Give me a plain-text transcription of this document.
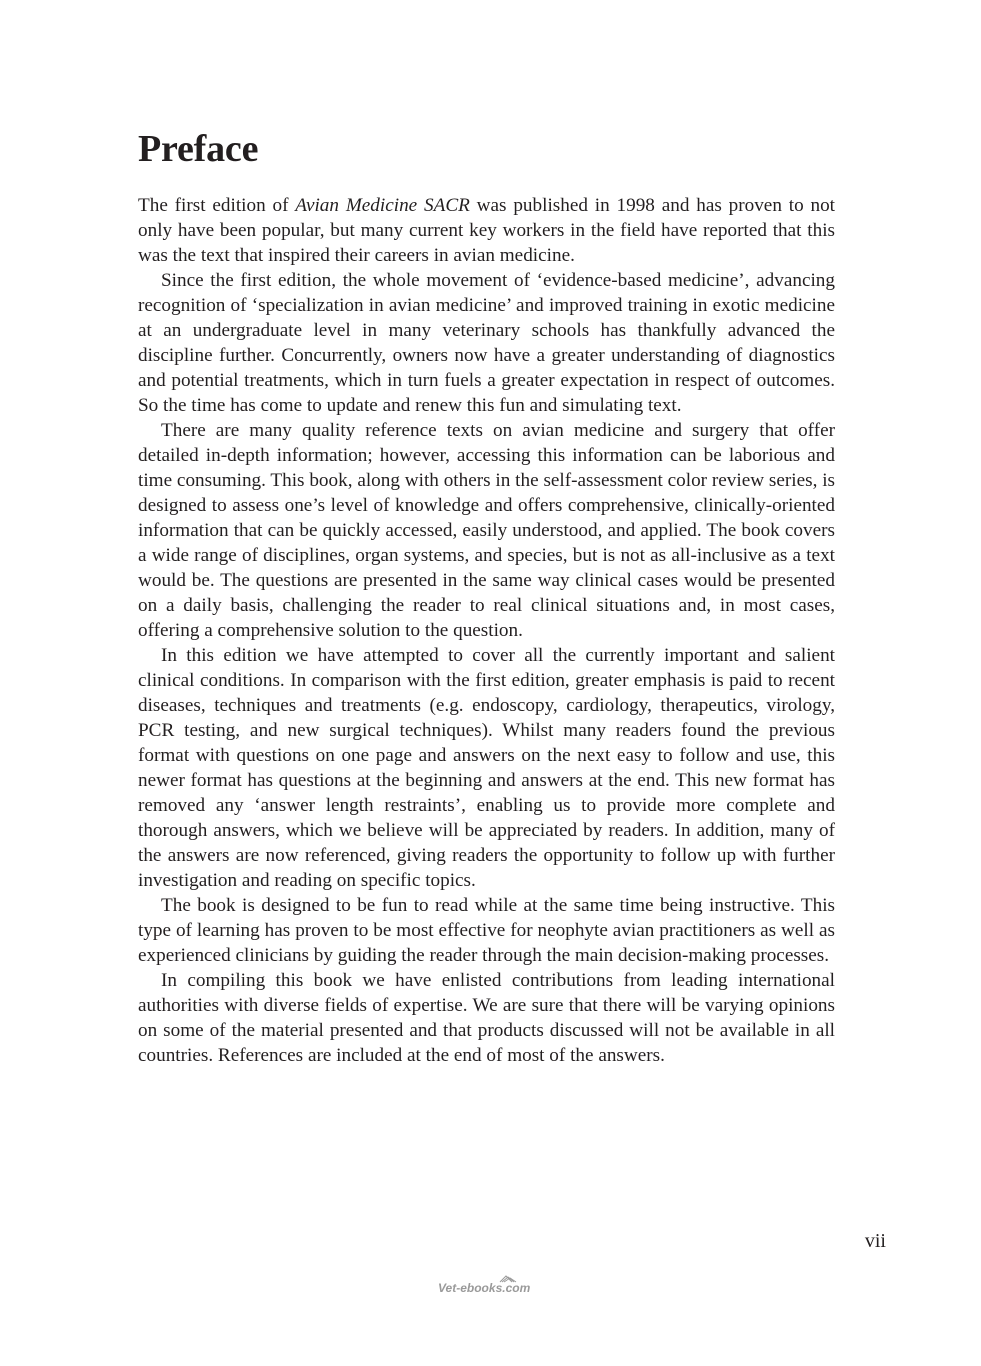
Preface

The first edition of Avian Medicine SACR was published in 1998 and has proven to not only have been popular, but many current key workers in the field have reported that this was the text that inspired their careers in avian medicine.

Since the first edition, the whole movement of ‘evidence-based medicine’, advancing recognition of ‘specialization in avian medicine’ and improved training in exotic medicine at an undergraduate level in many veterinary schools has thankfully advanced the discipline further. Concurrently, owners now have a greater understanding of diagnostics and potential treatments, which in turn fuels a greater expectation in respect of outcomes. So the time has come to update and renew this fun and simulating text.

There are many quality reference texts on avian medicine and surgery that offer detailed in-depth information; however, accessing this information can be laborious and time consuming. This book, along with others in the self-assessment color review series, is designed to assess one’s level of knowledge and offers comprehensive, clinically-oriented information that can be quickly accessed, easily understood, and applied. The book covers a wide range of disciplines, organ systems, and species, but is not as all-inclusive as a text would be. The questions are presented in the same way clinical cases would be presented on a daily basis, challenging the reader to real clinical situations and, in most cases, offering a comprehensive solution to the question.

In this edition we have attempted to cover all the currently important and salient clinical conditions. In comparison with the first edition, greater emphasis is paid to recent diseases, techniques and treatments (e.g. endoscopy, cardiology, therapeutics, virology, PCR testing, and new surgical techniques). Whilst many readers found the previous format with questions on one page and answers on the next easy to follow and use, this newer format has questions at the beginning and answers at the end. This new format has removed any ‘answer length restraints’, enabling us to provide more complete and thorough answers, which we believe will be appreciated by readers. In addition, many of the answers are now referenced, giving readers the opportunity to follow up with further investigation and reading on specific topics.

The book is designed to be fun to read while at the same time being instructive. This type of learning has proven to be most effective for neophyte avian practitioners as well as experienced clinicians by guiding the reader through the main decision-making processes.

In compiling this book we have enlisted contributions from leading international authorities with diverse fields of expertise. We are sure that there will be varying opinions on some of the material presented and that products discussed will not be available in all countries. References are included at the end of most of the answers.

vii
Vet-ebooks.com
